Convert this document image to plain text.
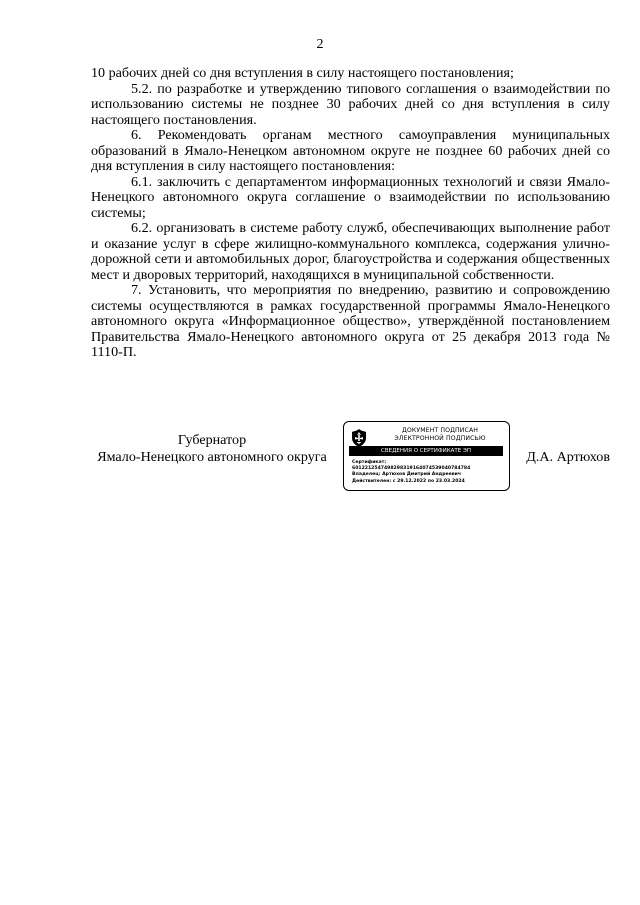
2

10 рабочих дней со дня вступления в силу настоящего постановления;

5.2. по разработке и утверждению типового соглашения о взаимодействии по использованию системы не позднее 30 рабочих дней со дня вступления в силу настоящего постановления.

6. Рекомендовать органам местного самоуправления муниципальных образований в Ямало-Ненецком автономном округе не позднее 60 рабочих дней со дня вступления в силу настоящего постановления:

6.1. заключить с департаментом информационных технологий и связи Ямало-Ненецкого автономного округа соглашение о взаимодействии по использованию системы;

6.2. организовать в системе работу служб, обеспечивающих выполнение работ и оказание услуг в сфере жилищно-коммунального комплекса, содержания улично-дорожной сети и автомобильных дорог, благоустройства и содержания общественных мест и дворовых территорий, находящихся в муниципальной собственности.

7. Установить, что мероприятия по внедрению, развитию и сопровождению системы осуществляются в рамках государственной программы Ямало-Ненецкого автономного округа «Информационное общество», утверждённой постановлением Правительства Ямало-Ненецкого автономного округа от 25 декабря 2013 года № 1110-П.

Губернатор
Ямало-Ненецкого автономного округа
ДОКУМЕНТ ПОДПИСАН
ЭЛЕКТРОННОЙ ПОДПИСЬЮ
СВЕДЕНИЯ О СЕРТИФИКАТЕ ЭП
Сертификат:
601221254749829831916407453904078478​4
Владелец: Артюхов Дмитрий Андреевич
Действителен: с 29.12.2022 по 23.03.2024
Д.А. Артюхов
